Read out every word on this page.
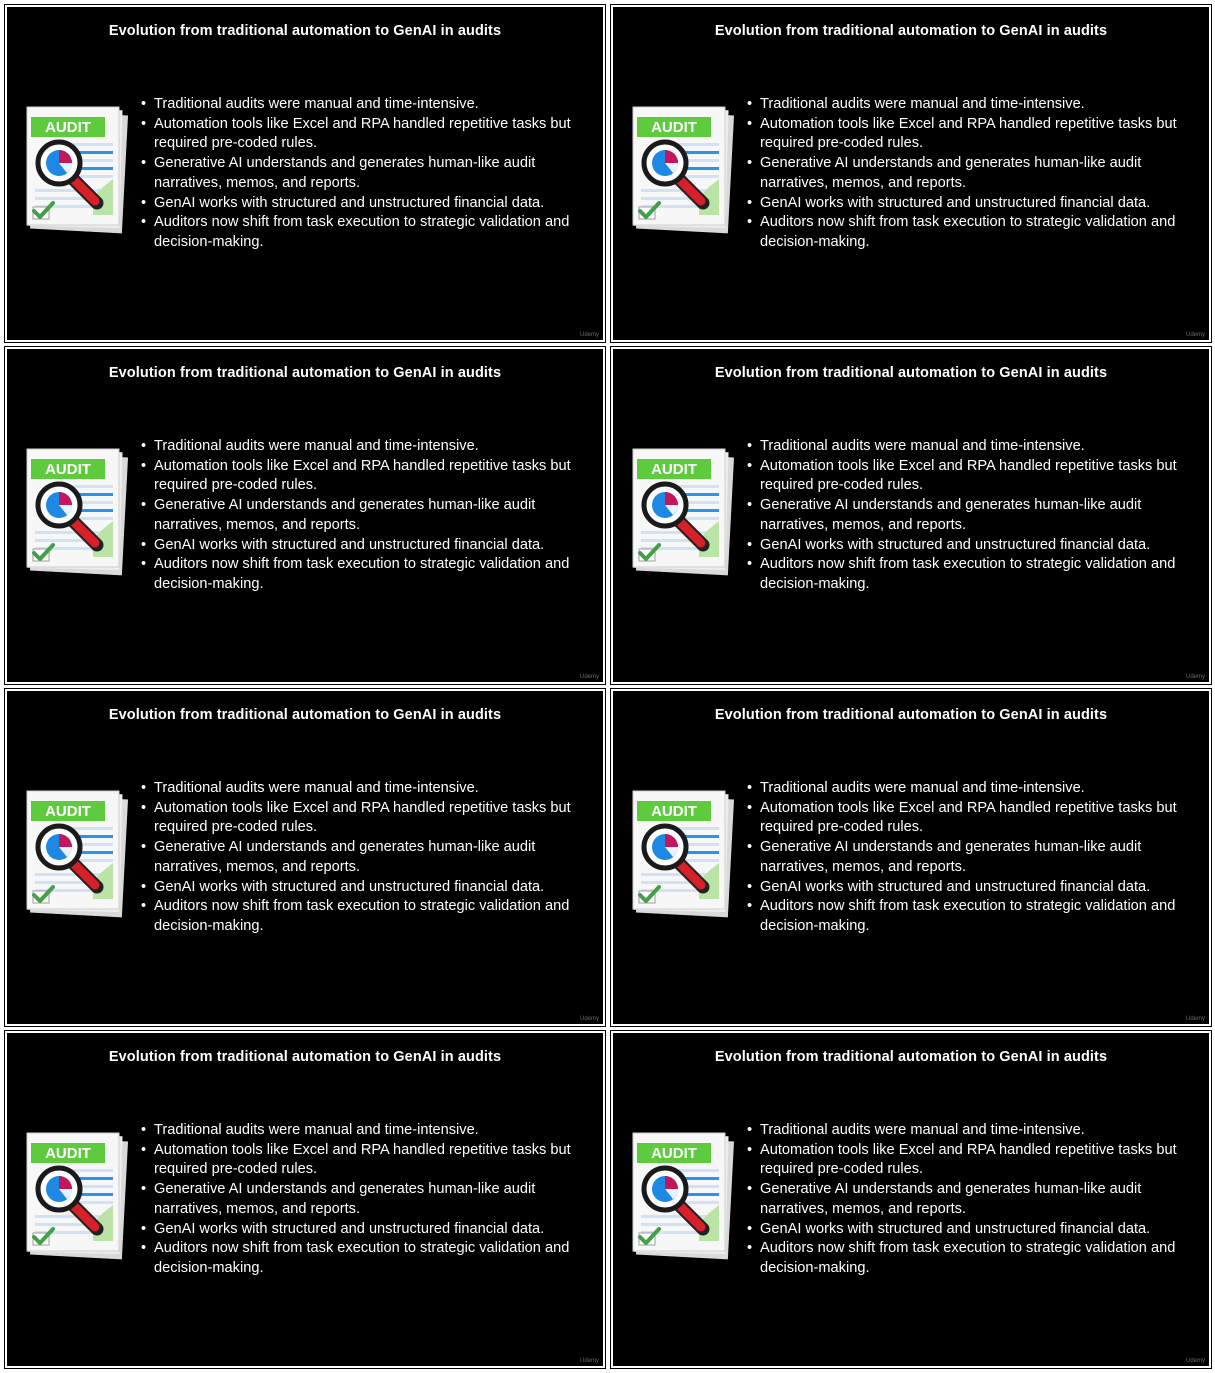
Evolution from traditional automation to GenAI in audits
AUDIT
• Traditional audits were manual and time-intensive.
• Automation tools like Excel and RPA handled repetitive tasks but required pre-coded rules.
• Generative AI understands and generates human-like audit narratives, memos, and reports.
• GenAI works with structured and unstructured financial data.
• Auditors now shift from task execution to strategic validation and decision-making.
Udemy
Evolution from traditional automation to GenAI in audits
AUDIT
• Traditional audits were manual and time-intensive.
• Automation tools like Excel and RPA handled repetitive tasks but required pre-coded rules.
• Generative AI understands and generates human-like audit narratives, memos, and reports.
• GenAI works with structured and unstructured financial data.
• Auditors now shift from task execution to strategic validation and decision-making.
Udemy
Evolution from traditional automation to GenAI in audits
AUDIT
• Traditional audits were manual and time-intensive.
• Automation tools like Excel and RPA handled repetitive tasks but required pre-coded rules.
• Generative AI understands and generates human-like audit narratives, memos, and reports.
• GenAI works with structured and unstructured financial data.
• Auditors now shift from task execution to strategic validation and decision-making.
Udemy
Evolution from traditional automation to GenAI in audits
AUDIT
• Traditional audits were manual and time-intensive.
• Automation tools like Excel and RPA handled repetitive tasks but required pre-coded rules.
• Generative AI understands and generates human-like audit narratives, memos, and reports.
• GenAI works with structured and unstructured financial data.
• Auditors now shift from task execution to strategic validation and decision-making.
Udemy
Evolution from traditional automation to GenAI in audits
AUDIT
• Traditional audits were manual and time-intensive.
• Automation tools like Excel and RPA handled repetitive tasks but required pre-coded rules.
• Generative AI understands and generates human-like audit narratives, memos, and reports.
• GenAI works with structured and unstructured financial data.
• Auditors now shift from task execution to strategic validation and decision-making.
Udemy
Evolution from traditional automation to GenAI in audits
AUDIT
• Traditional audits were manual and time-intensive.
• Automation tools like Excel and RPA handled repetitive tasks but required pre-coded rules.
• Generative AI understands and generates human-like audit narratives, memos, and reports.
• GenAI works with structured and unstructured financial data.
• Auditors now shift from task execution to strategic validation and decision-making.
Udemy
Evolution from traditional automation to GenAI in audits
AUDIT
• Traditional audits were manual and time-intensive.
• Automation tools like Excel and RPA handled repetitive tasks but required pre-coded rules.
• Generative AI understands and generates human-like audit narratives, memos, and reports.
• GenAI works with structured and unstructured financial data.
• Auditors now shift from task execution to strategic validation and decision-making.
Udemy
Evolution from traditional automation to GenAI in audits
AUDIT
• Traditional audits were manual and time-intensive.
• Automation tools like Excel and RPA handled repetitive tasks but required pre-coded rules.
• Generative AI understands and generates human-like audit narratives, memos, and reports.
• GenAI works with structured and unstructured financial data.
• Auditors now shift from task execution to strategic validation and decision-making.
Udemy
